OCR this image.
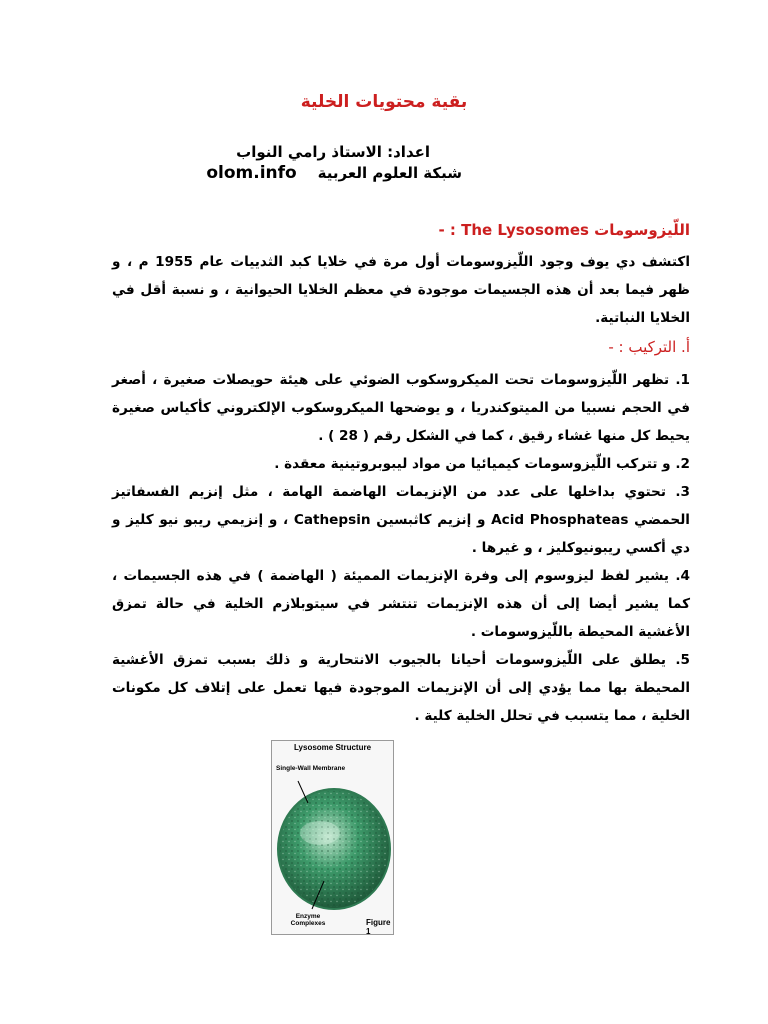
بقية محتويات الخلية
اعداد: الاستاذ رامي النواب
شبكة العلوم العربية    olom.info
اللّيزوسومات The Lysosomes : -
اكتشف دي يوف وجود اللّيزوسومات أول مرة في خلايا كبد الثدييات عام 1955 م ، و ظهر فيما بعد أن هذه الجسيمات موجودة في معظم الخلايا الحيوانية ، و نسبة أقل في الخلايا النباتية.
أ. التركيب : -

1. تظهر اللّيزوسومات تحت الميكروسكوب الضوئي على هيئة حويصلات صغيرة ، أصغر في الحجم نسبيا من الميتوكندريا ، و يوضحها الميكروسكوب الإلكتروني كأكياس صغيرة يحيط كل منها غشاء رقيق ، كما في الشكل رقم ( 28 ) .

2. و تتركب اللّيزوسومات كيميائيا من مواد ليبوبروتينية معقدة .

3. تحتوي بداخلها على عدد من الإنزيمات الهاضمة الهامة ، مثل إنزيم الفسفاتيز الحمضي Acid Phosphateas و إنزيم كاثبسين Cathepsin ، و إنزيمي ريبو نيو كليز و دي أكسي ريبونيوكليز ، و غيرها .

4. يشير لفظ ليزوسوم إلى وفرة الإنزيمات المميئة ( الهاضمة ) في هذه الجسيمات ، كما يشير أيضا إلى أن هذه الإنزيمات تنتشر في سيتوبلازم الخلية في حالة تمزق الأغشية المحيطة باللّيزوسومات .

5. يطلق على اللّيزوسومات أحيانا بالجيوب الانتحارية و ذلك بسبب تمزق الأغشية المحيطة بها مما يؤدي إلى أن الإنزيمات الموجودة فيها تعمل على إتلاف كل مكونات الخلية ، مما يتسبب في تحلل الخلية كلية .

Lysosome Structure
Single-Wall Membrane
Enzyme Complexes	Figure 1
